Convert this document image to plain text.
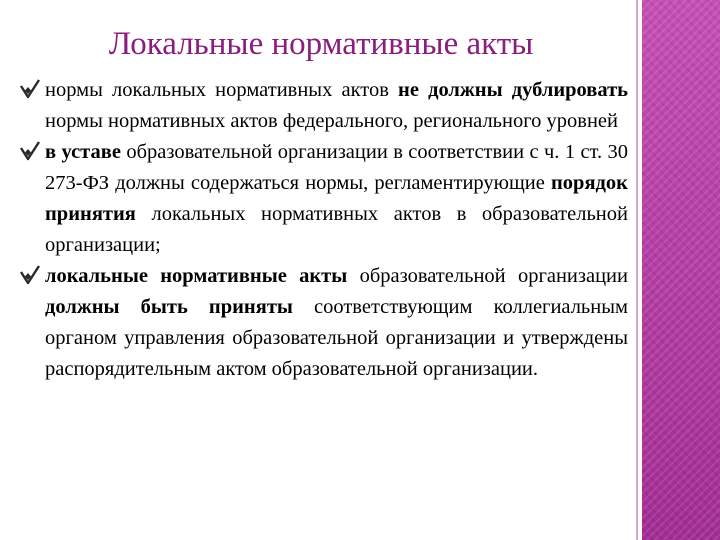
Локальные нормативные акты

нормы локальных нормативных актов не должны дублировать нормы нормативных актов федерального, регионального уровней

в уставе образовательной организации в соответствии с ч. 1 ст. 30 273-ФЗ должны содержаться нормы, регламентирующие порядок принятия локальных нормативных актов в образовательной организации;

локальные нормативные акты образовательной организации должны быть приняты соответствующим коллегиальным органом управления образовательной организации и утверждены распорядительным актом образовательной организации.
